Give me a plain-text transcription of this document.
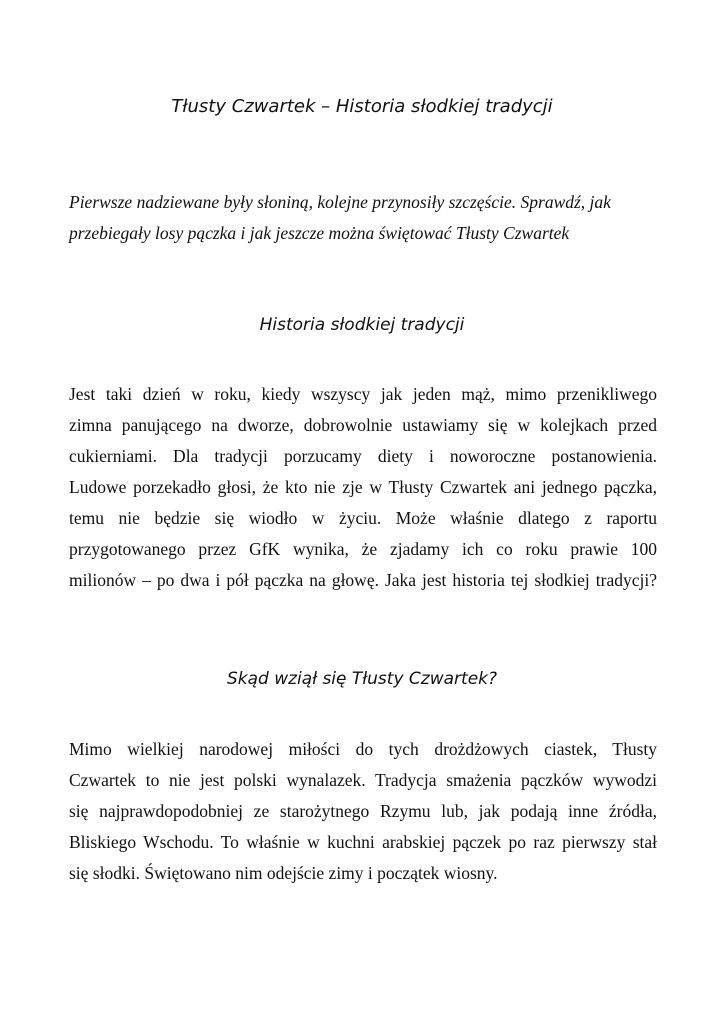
Tłusty Czwartek – Historia słodkiej tradycji

Pierwsze nadziewane były słoniną, kolejne przynosiły szczęście. Sprawdź, jak
przebiegały losy pączka i jak jeszcze można świętować Tłusty Czwartek

Historia słodkiej tradycji

Jest taki dzień w roku, kiedy wszyscy jak jeden mąż, mimo przenikliwego
zimna panującego na dworze, dobrowolnie ustawiamy się w kolejkach przed
cukierniami. Dla tradycji porzucamy diety i noworoczne postanowienia.
Ludowe porzekadło głosi, że kto nie zje w Tłusty Czwartek ani jednego pączka,
temu nie będzie się wiodło w życiu. Może właśnie dlatego z raportu
przygotowanego przez GfK wynika, że zjadamy ich co roku prawie 100
milionów – po dwa i pół pączka na głowę. Jaka jest historia tej słodkiej tradycji?

Skąd wziął się Tłusty Czwartek?

Mimo wielkiej narodowej miłości do tych drożdżowych ciastek, Tłusty
Czwartek to nie jest polski wynalazek. Tradycja smażenia pączków wywodzi
się najprawdopodobniej ze starożytnego Rzymu lub, jak podają inne źródła,
Bliskiego Wschodu. To właśnie w kuchni arabskiej pączek po raz pierwszy stał
się słodki. Świętowano nim odejście zimy i początek wiosny.
